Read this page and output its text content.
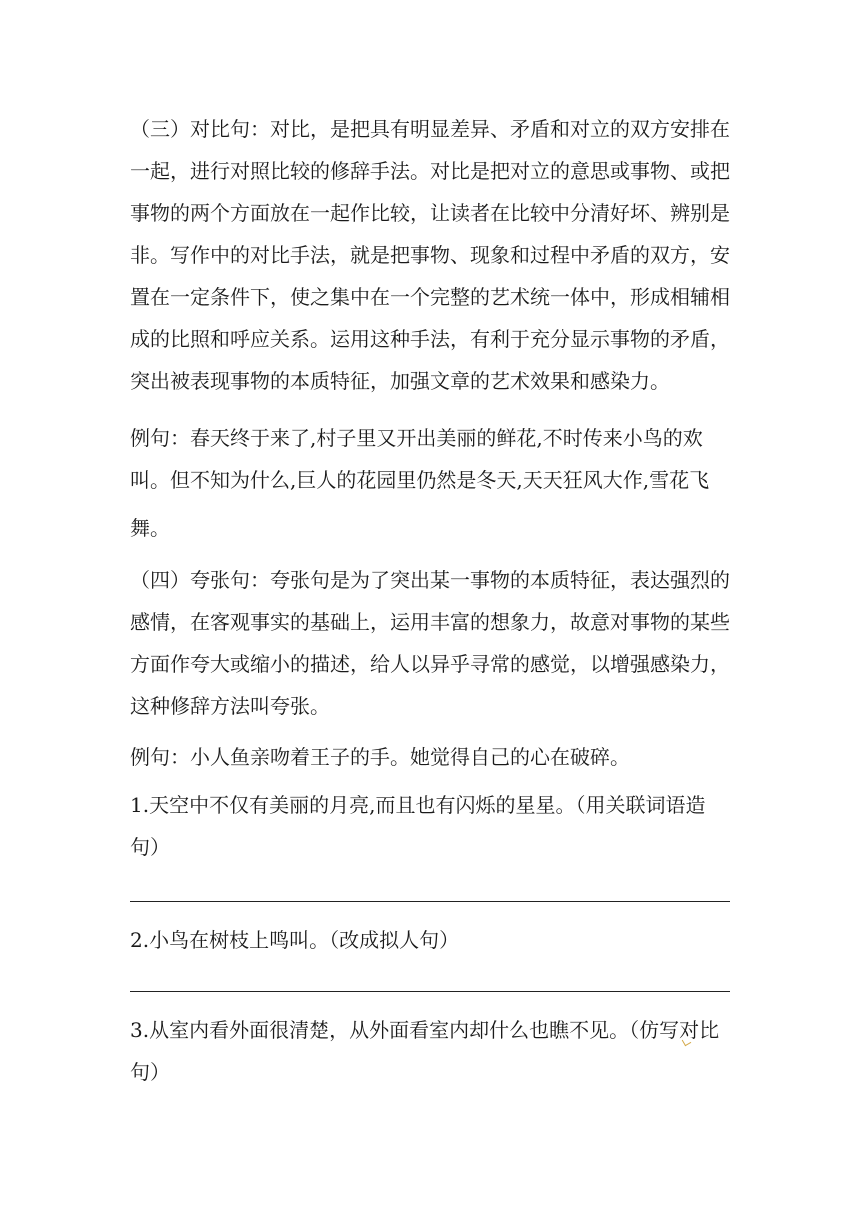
（三）对比句：对比，是把具有明显差异、矛盾和对立的双方安排在
一起，进行对照比较的修辞手法。对比是把对立的意思或事物、或把
事物的两个方面放在一起作比较，让读者在比较中分清好坏、辨别是
非。写作中的对比手法，就是把事物、现象和过程中矛盾的双方，安
置在一定条件下，使之集中在一个完整的艺术统一体中，形成相辅相
成的比照和呼应关系。运用这种手法，有利于充分显示事物的矛盾，
突出被表现事物的本质特征，加强文章的艺术效果和感染力。
例句：春天终于来了,村子里又开出美丽的鲜花,不时传来小鸟的欢
叫。但不知为什么,巨人的花园里仍然是冬天,天天狂风大作,雪花飞
舞。
（四）夸张句：夸张句是为了突出某一事物的本质特征，表达强烈的
感情，在客观事实的基础上，运用丰富的想象力，故意对事物的某些
方面作夸大或缩小的描述，给人以异乎寻常的感觉，以增强感染力，
这种修辞方法叫夸张。
例句：小人鱼亲吻着王子的手。她觉得自己的心在破碎。
1.天空中不仅有美丽的月亮,而且也有闪烁的星星。（用关联词语造
句）
2.小鸟在树枝上鸣叫。（改成拟人句）
3.从室内看外面很清楚，从外面看室内却什么也瞧不见。（仿写对比
句）
